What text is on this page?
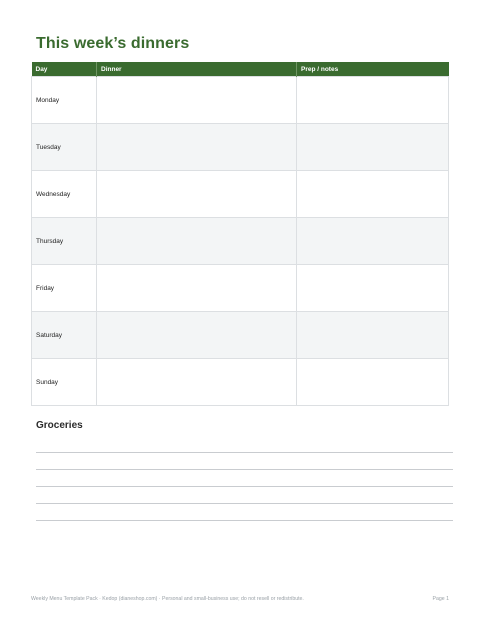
This week’s dinners
Day	Dinner	Prep / notes
Monday		
Tuesday		
Wednesday		
Thursday		
Friday		
Saturday		
Sunday		
Groceries
Weekly Menu Template Pack · Kedop (dianeshop.com) · Personal and small-business use; do not resell or redistribute.	Page 1
